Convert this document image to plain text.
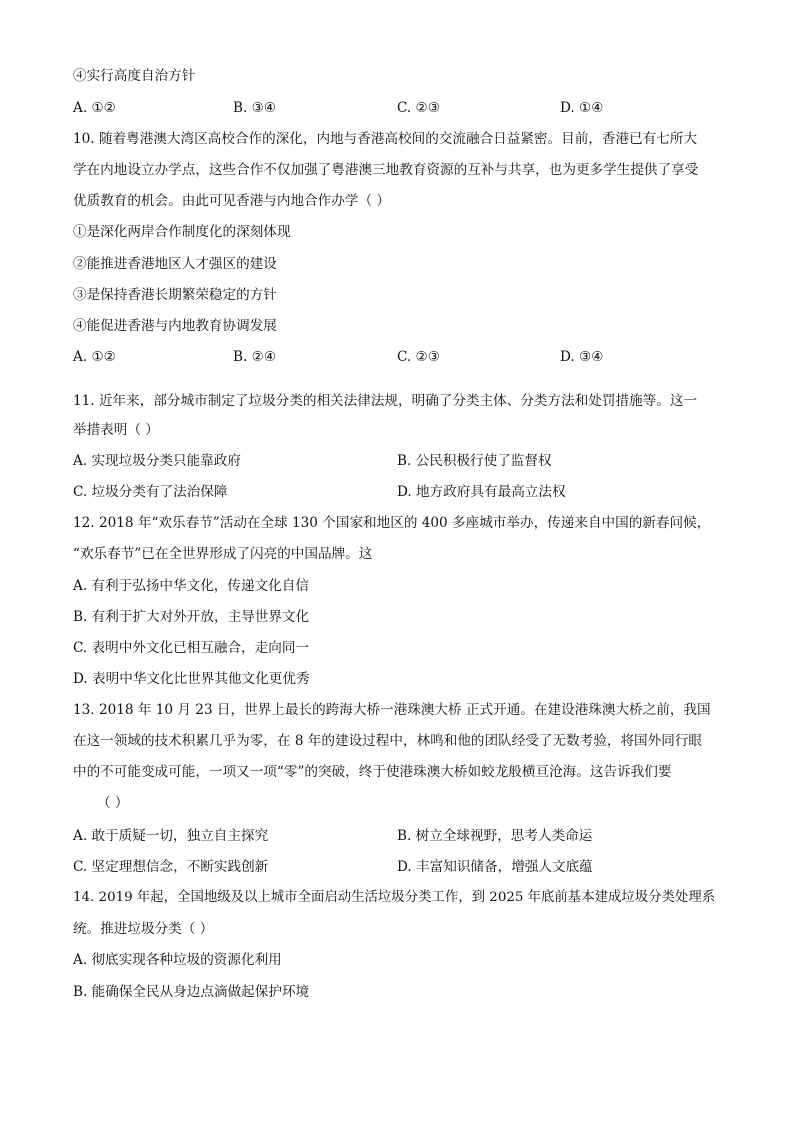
④实行高度自治方针
A. ①②	B. ③④	C. ②③	D. ①④
10. 随着粤港澳大湾区高校合作的深化，内地与香港高校间的交流融合日益紧密。目前，香港已有七所大
学在内地设立办学点，这些合作不仅加强了粤港澳三地教育资源的互补与共享，也为更多学生提供了享受
优质教育的机会。由此可见香港与内地合作办学（ ）
①是深化两岸合作制度化的深刻体现
②能推进香港地区人才强区的建设
③是保持香港长期繁荣稳定的方针
④能促进香港与内地教育协调发展
A. ①②	B. ②④	C. ②③	D. ③④
11. 近年来，部分城市制定了垃圾分类的相关法律法规，明确了分类主体、分类方法和处罚措施等。这一
举措表明（ ）
A. 实现垃圾分类只能靠政府	B. 公民积极行使了监督权
C. 垃圾分类有了法治保障	D. 地方政府具有最高立法权
12. 2018 年“欢乐春节”活动在全球 130 个国家和地区的 400 多座城市举办，传递来自中国的新春问候，
“欢乐春节”已在全世界形成了闪亮的中国品牌。这
A. 有利于弘扬中华文化，传递文化自信
B. 有利于扩大对外开放，主导世界文化
C. 表明中外文化已相互融合，走向同一
D. 表明中华文化比世界其他文化更优秀
13. 2018 年 10 月 23 日，世界上最长的跨海大桥一港珠澳大桥 正式开通。在建设港珠澳大桥之前，我国
在这一领域的技术积累几乎为零，在 8 年的建设过程中，林鸣和他的团队经受了无数考验，将国外同行眼
中的不可能变成可能，一项又一项“零”的突破，终于使港珠澳大桥如蛟龙般横亘沧海。这告诉我们要
（ ）
A. 敢于质疑一切，独立自主探究	B. 树立全球视野，思考人类命运
C. 坚定理想信念，不断实践创新	D. 丰富知识储备，增强人文底蕴
14. 2019 年起，全国地级及以上城市全面启动生活垃圾分类工作，到 2025 年底前基本建成垃圾分类处理系
统。推进垃圾分类（ ）
A. 彻底实现各种垃圾的资源化利用
B. 能确保全民从身边点滴做起保护环境
